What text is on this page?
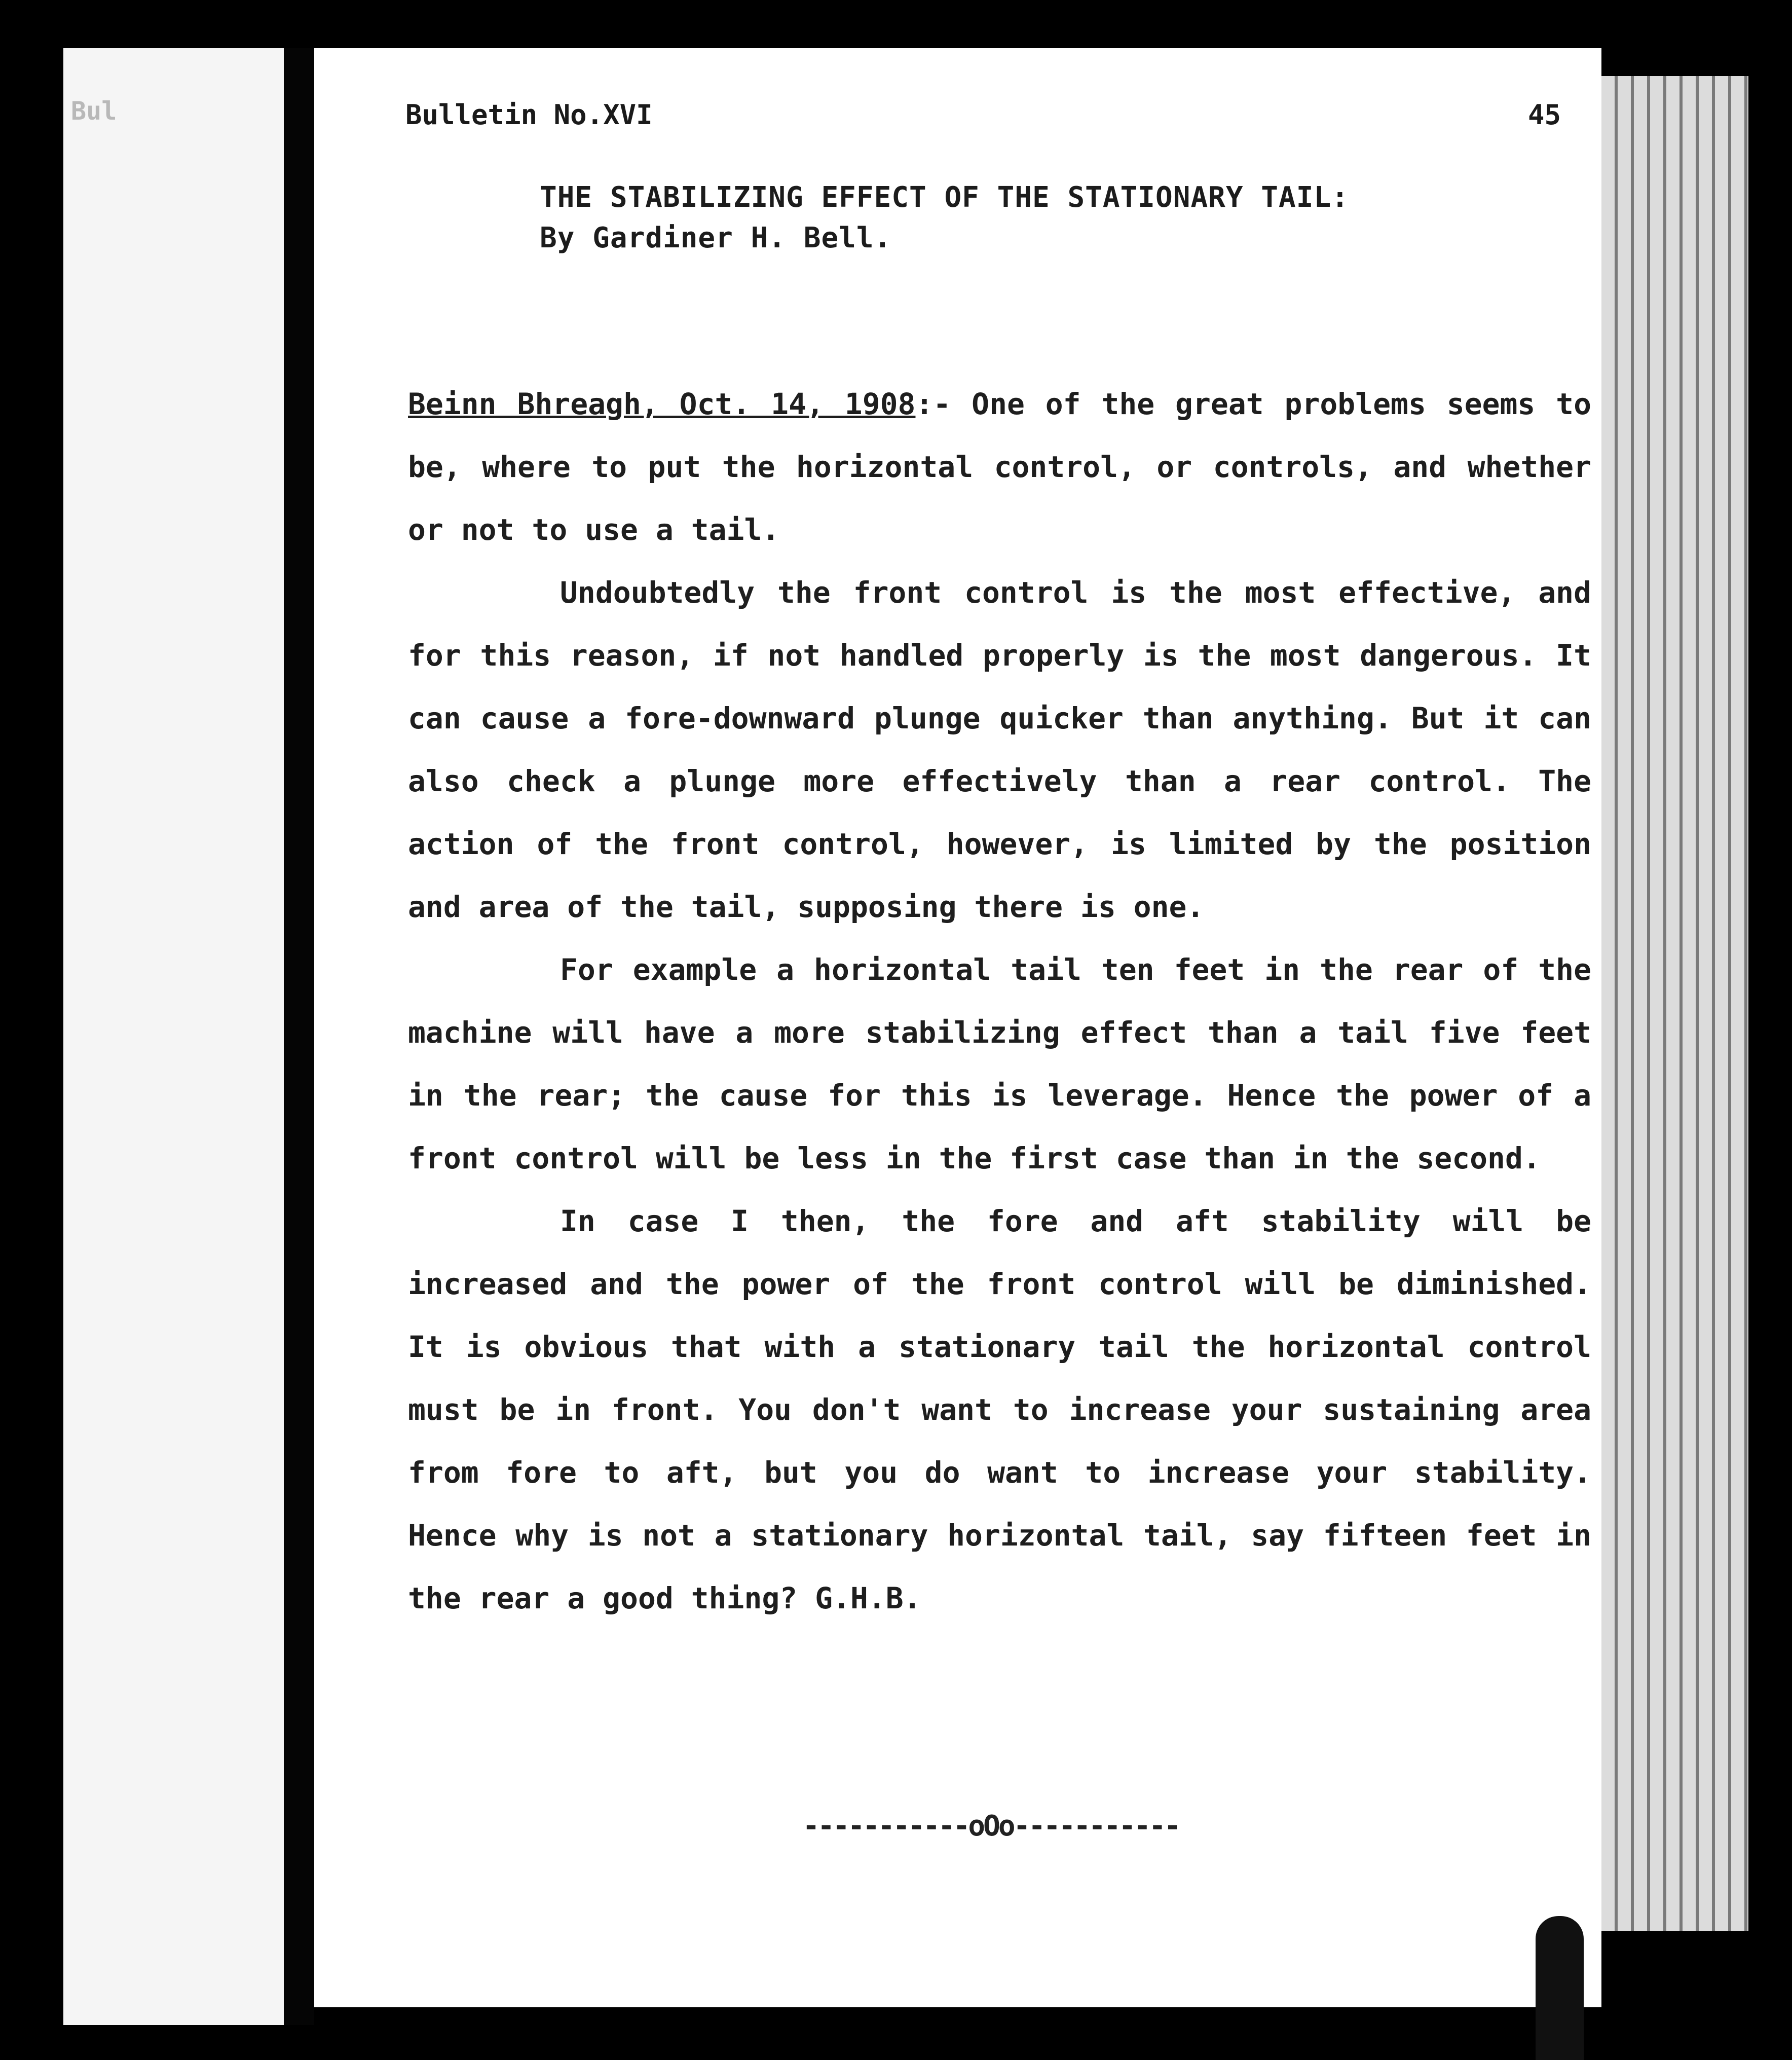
Bul	Bulletin No.XVI	45
THE STABILIZING EFFECT OF THE STATIONARY TAIL:
By Gardiner H. Bell.

Beinn Bhreagh, Oct. 14, 1908:- One of the great problems seems to be, where to put the horizontal control, or controls, and whether or not to use a tail.

Undoubtedly the front control is the most effective, and for this reason, if not handled properly is the most dangerous. It can cause a fore-downward plunge quicker than anything. But it can also check a plunge more effectively than a rear control. The action of the front control, however, is limited by the position and area of the tail, supposing there is one.

For example a horizontal tail ten feet in the rear of the machine will have a more stabilizing effect than a tail five feet in the rear; the cause for this is leverage. Hence the power of a front control will be less in the first case than in the second.

In case I then, the fore and aft stability will be increased and the power of the front control will be diminished. It is obvious that with a stationary tail the horizontal control must be in front. You don't want to increase your sustaining area from fore to aft, but you do want to increase your stability. Hence why is not a stationary horizontal tail, say fifteen feet in the rear a good thing? G.H.B.

-----------oOo-----------
